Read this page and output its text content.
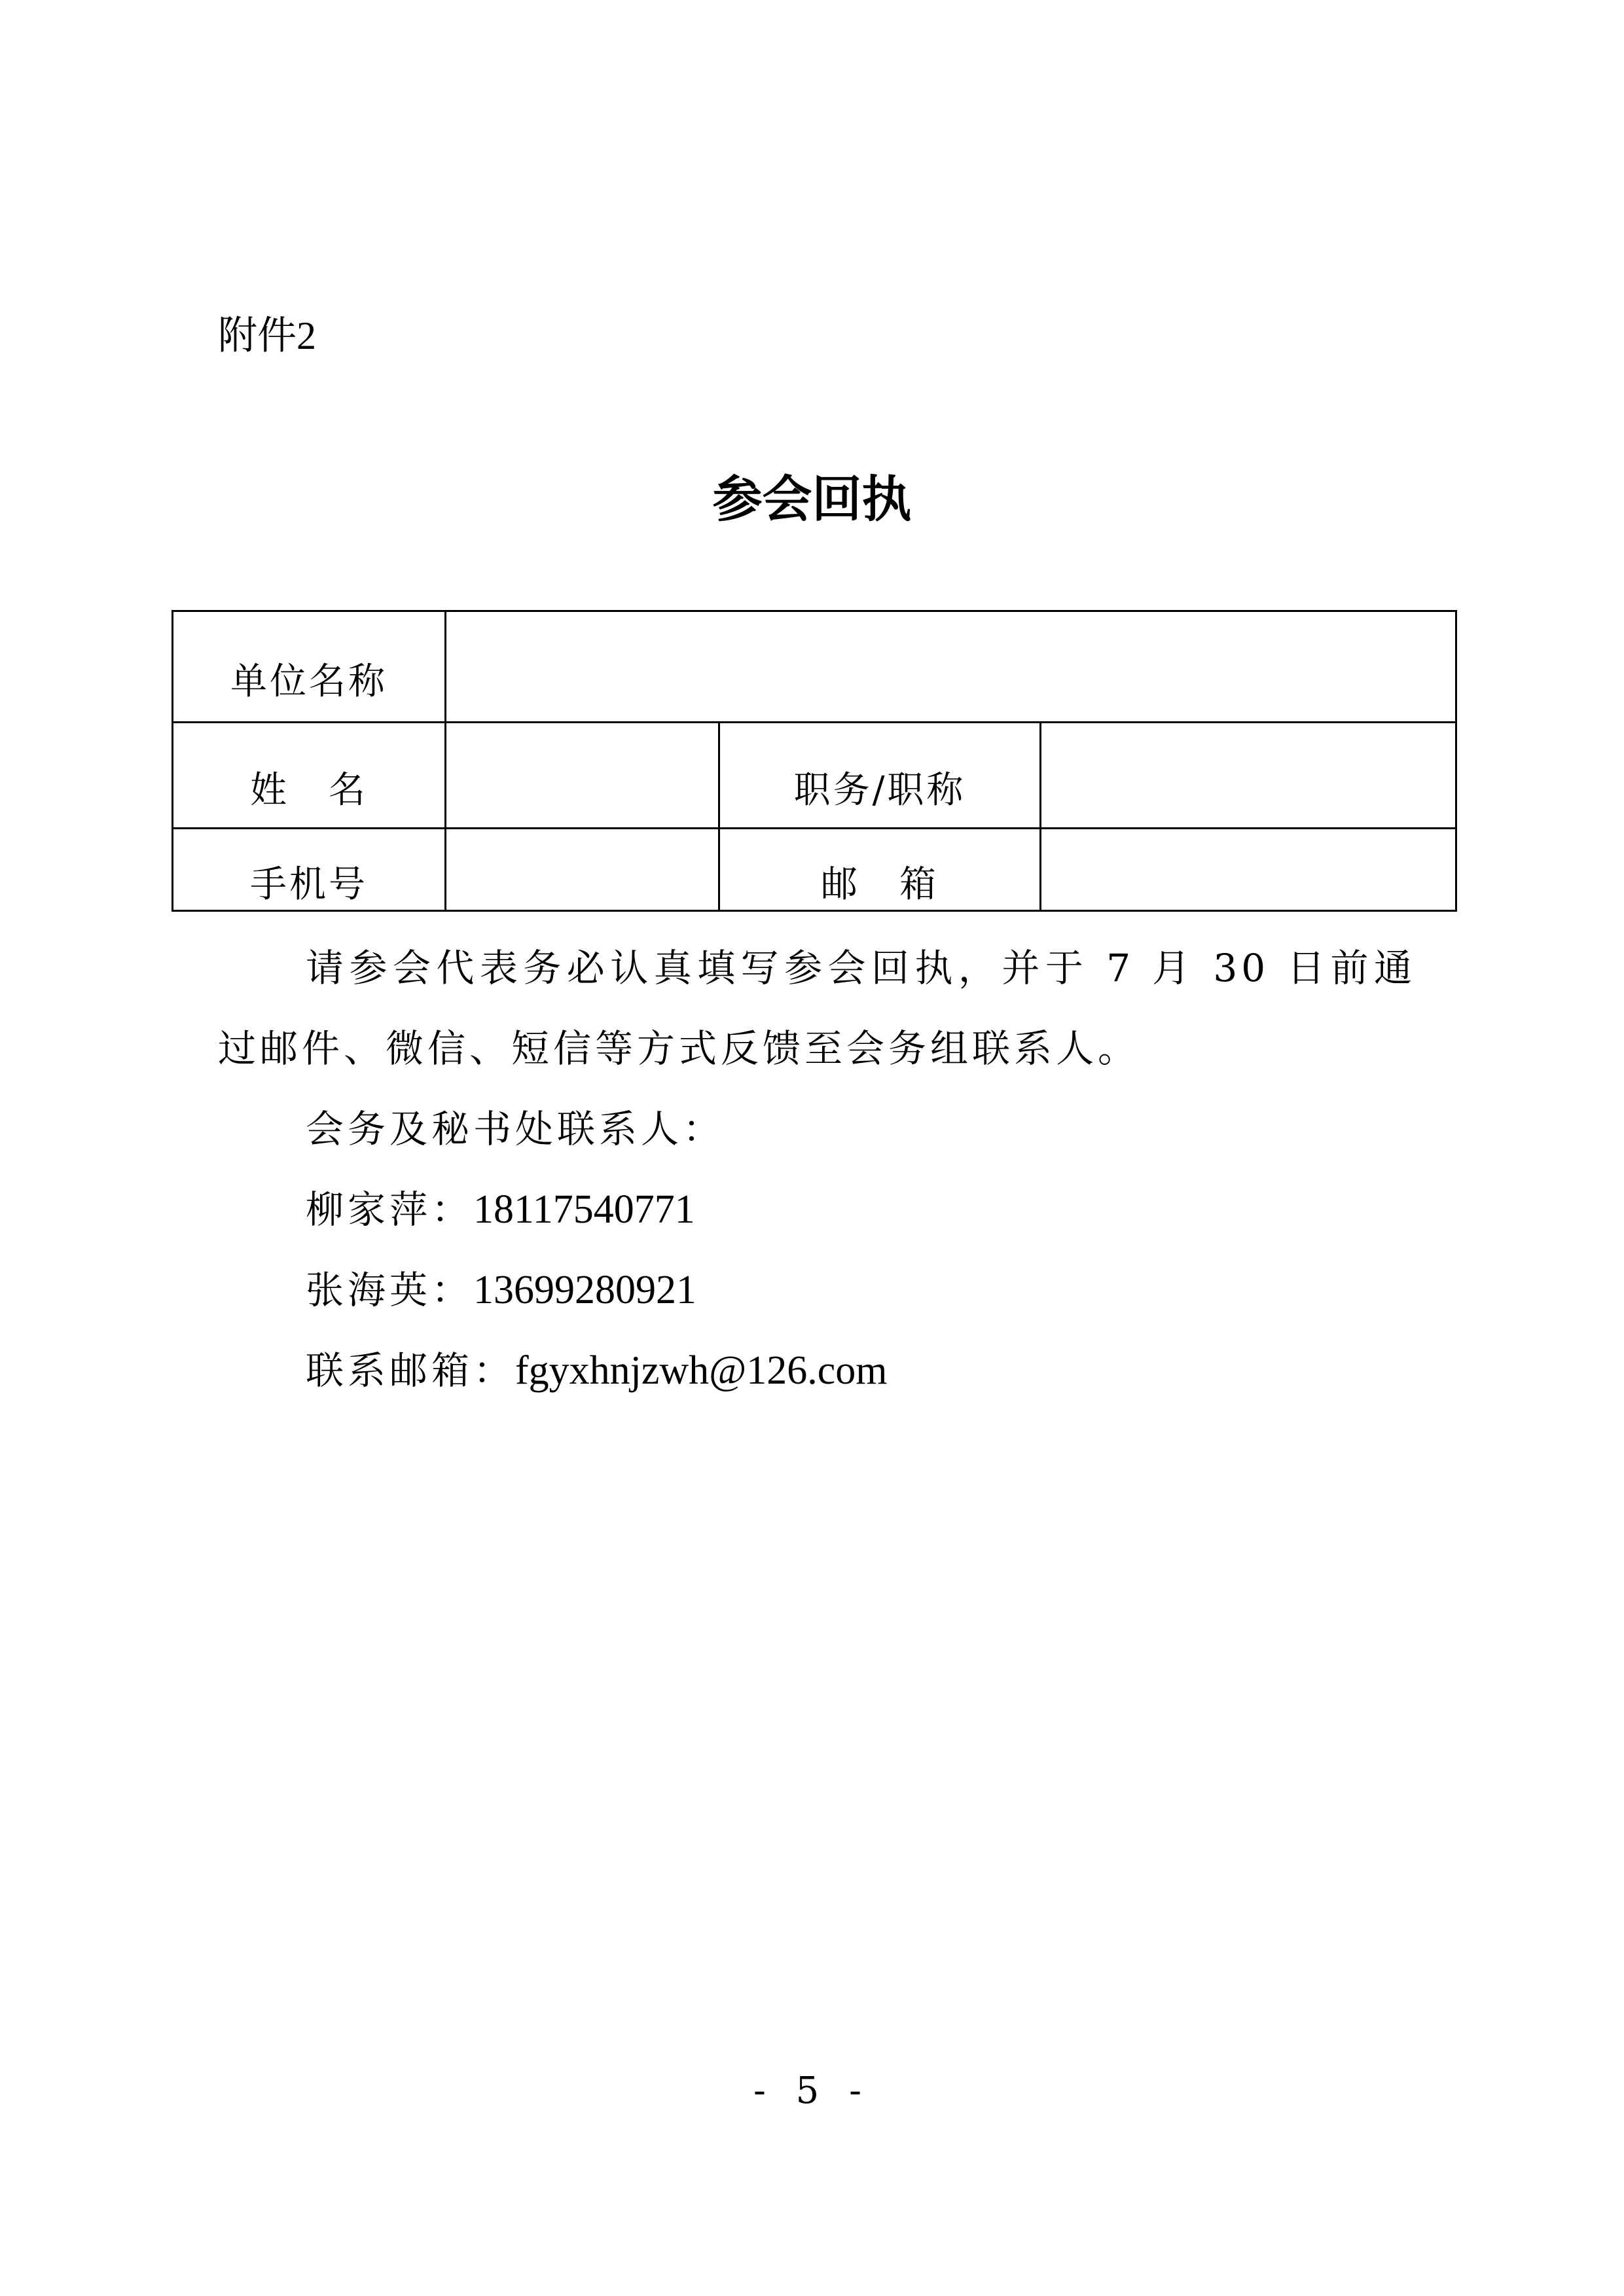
附件2
参会回执
单位名称			
姓　名		职务/职称	
手机号		邮　箱	

请参会代表务必认真填写参会回执，并于 7 月 30 日前通过邮件、微信、短信等方式反馈至会务组联系人。

会务及秘书处联系人：

柳家萍：18117540771

张海英：13699280921

联系邮箱：fgyxhnjzwh@126.com

- 5 -
